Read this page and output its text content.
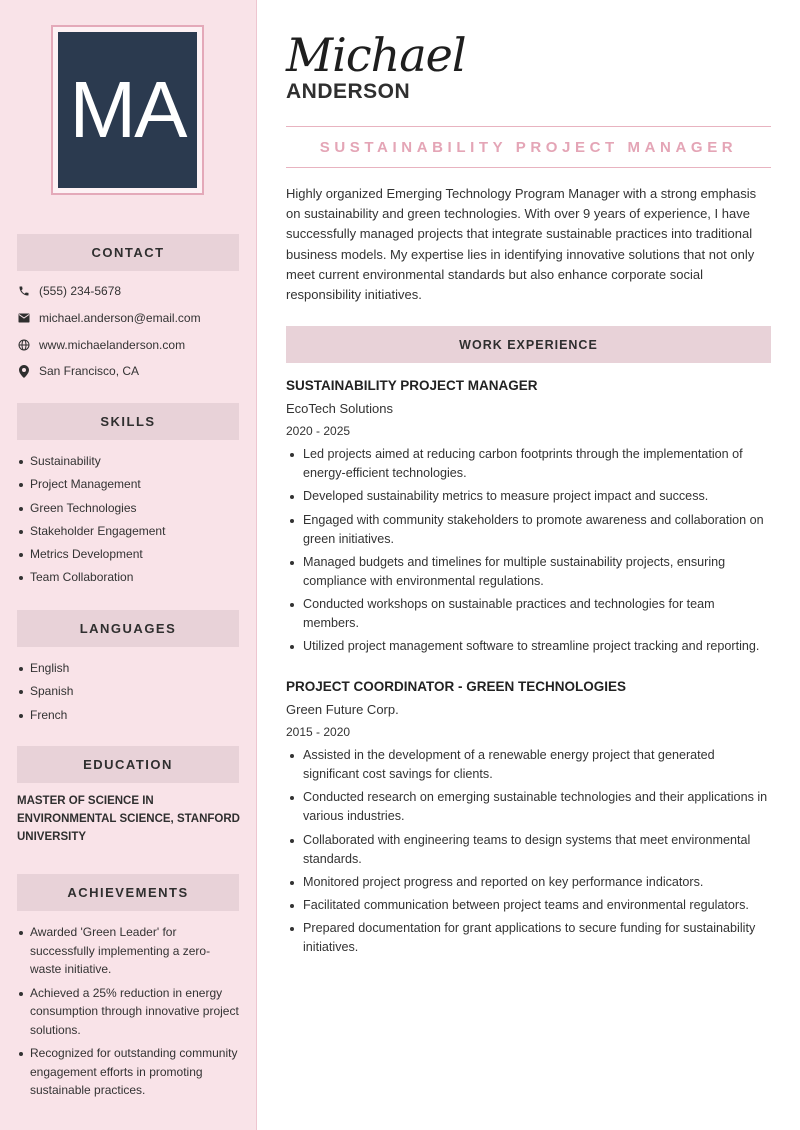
MA
CONTACT
(555) 234-5678
michael.anderson@email.com
www.michaelanderson.com
San Francisco, CA
SKILLS
Sustainability
Project Management
Green Technologies
Stakeholder Engagement
Metrics Development
Team Collaboration
LANGUAGES
English
Spanish
French
EDUCATION
MASTER OF SCIENCE IN ENVIRONMENTAL SCIENCE, STANFORD UNIVERSITY
ACHIEVEMENTS
Awarded 'Green Leader' for successfully implementing a zero-waste initiative.
Achieved a 25% reduction in energy consumption through innovative project solutions.
Recognized for outstanding community engagement efforts in promoting sustainable practices.
Michael
ANDERSON
SUSTAINABILITY PROJECT MANAGER

Highly organized Emerging Technology Program Manager with a strong emphasis on sustainability and green technologies. With over 9 years of experience, I have successfully managed projects that integrate sustainable practices into traditional business models. My expertise lies in identifying innovative solutions that not only meet current environmental standards but also enhance corporate social responsibility initiatives.

WORK EXPERIENCE
SUSTAINABILITY PROJECT MANAGER
EcoTech Solutions
2020 - 2025
Led projects aimed at reducing carbon footprints through the implementation of energy-efficient technologies.
Developed sustainability metrics to measure project impact and success.
Engaged with community stakeholders to promote awareness and collaboration on green initiatives.
Managed budgets and timelines for multiple sustainability projects, ensuring compliance with environmental regulations.
Conducted workshops on sustainable practices and technologies for team members.
Utilized project management software to streamline project tracking and reporting.
PROJECT COORDINATOR - GREEN TECHNOLOGIES
Green Future Corp.
2015 - 2020
Assisted in the development of a renewable energy project that generated significant cost savings for clients.
Conducted research on emerging sustainable technologies and their applications in various industries.
Collaborated with engineering teams to design systems that meet environmental standards.
Monitored project progress and reported on key performance indicators.
Facilitated communication between project teams and environmental regulators.
Prepared documentation for grant applications to secure funding for sustainability initiatives.
